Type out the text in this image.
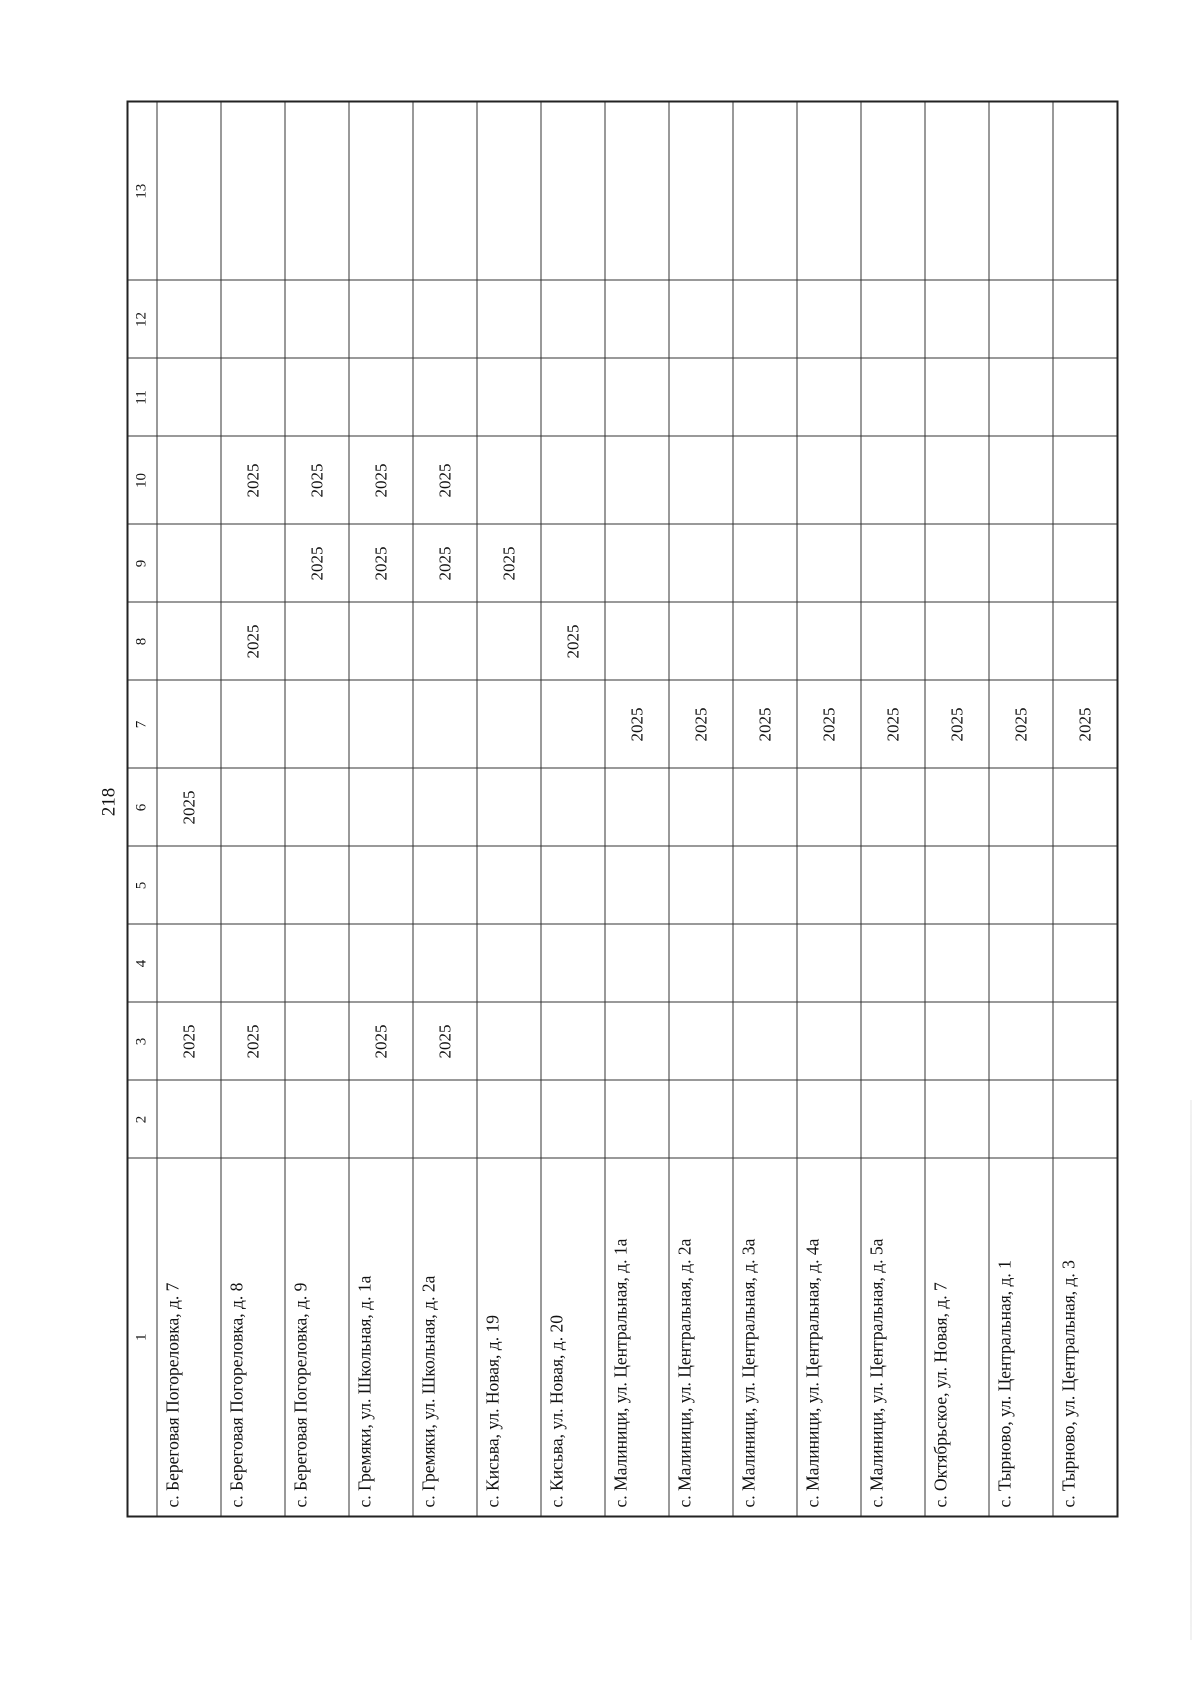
218
1	2	3	4	5	6	7	8	9	10	11	12	13
с. Береговая Погореловка, д. 7		2025			2025							
с. Береговая Погореловка, д. 8		2025					2025		2025			
с. Береговая Погореловка, д. 9								2025	2025			
с. Гремяки, ул. Школьная, д. 1а		2025						2025	2025			
с. Гремяки, ул. Школьная, д. 2а		2025						2025	2025			
с. Кисьва, ул. Новая, д. 19								2025				
с. Кисьва, ул. Новая, д. 20							2025					
с. Малиници, ул. Центральная, д. 1а						2025						
с. Малиници, ул. Центральная, д. 2а						2025						
с. Малиници, ул. Центральная, д. 3а						2025						
с. Малиници, ул. Центральная, д. 4а						2025						
с. Малиници, ул. Центральная, д. 5а						2025						
с. Октябрьское, ул. Новая, д. 7						2025						
с. Тырново, ул. Центральная, д. 1						2025						
с. Тырново, ул. Центральная, д. 3						2025						
